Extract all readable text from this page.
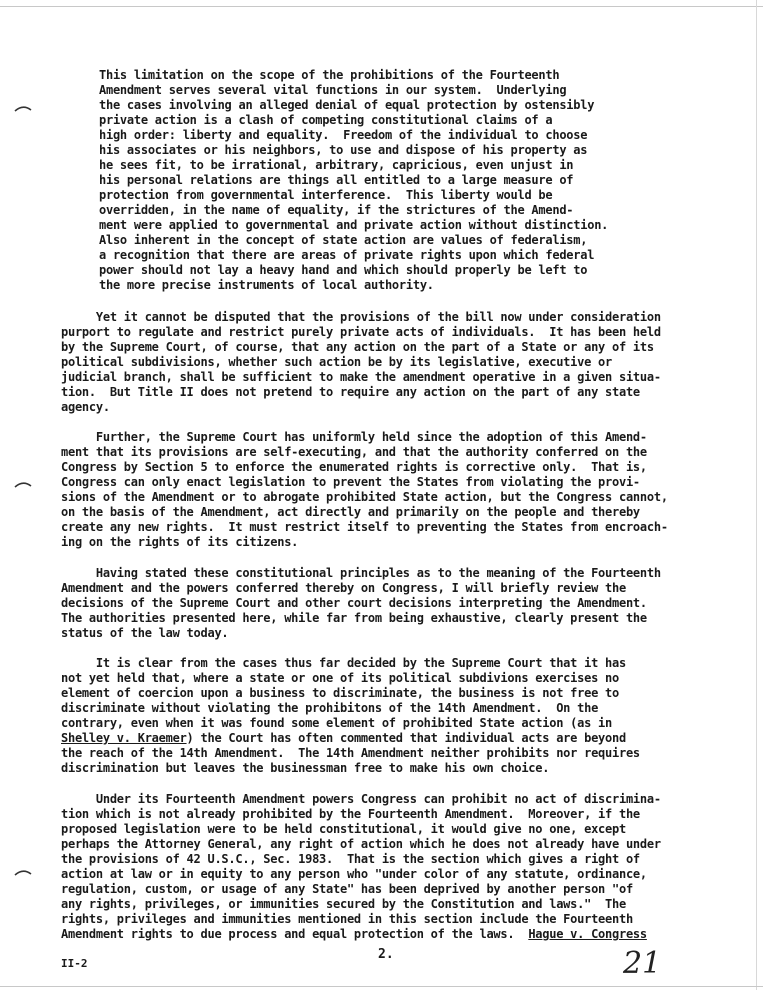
This limitation on the scope of the prohibitions of the Fourteenth
Amendment serves several vital functions in our system.  Underlying
the cases involving an alleged denial of equal protection by ostensibly
private action is a clash of competing constitutional claims of a
high order: liberty and equality.  Freedom of the individual to choose
his associates or his neighbors, to use and dispose of his property as
he sees fit, to be irrational, arbitrary, capricious, even unjust in
his personal relations are things all entitled to a large measure of
protection from governmental interference.  This liberty would be
overridden, in the name of equality, if the strictures of the Amend-
ment were applied to governmental and private action without distinction.
Also inherent in the concept of state action are values of federalism,
a recognition that there are areas of private rights upon which federal
power should not lay a heavy hand and which should properly be left to
the more precise instruments of local authority.
Yet it cannot be disputed that the provisions of the bill now under consideration
purport to regulate and restrict purely private acts of individuals.  It has been held
by the Supreme Court, of course, that any action on the part of a State or any of its
political subdivisions, whether such action be by its legislative, executive or
judicial branch, shall be sufficient to make the amendment operative in a given situa-
tion.  But Title II does not pretend to require any action on the part of any state
agency.
Further, the Supreme Court has uniformly held since the adoption of this Amend-
ment that its provisions are self-executing, and that the authority conferred on the
Congress by Section 5 to enforce the enumerated rights is corrective only.  That is,
Congress can only enact legislation to prevent the States from violating the provi-
sions of the Amendment or to abrogate prohibited State action, but the Congress cannot,
on the basis of the Amendment, act directly and primarily on the people and thereby
create any new rights.  It must restrict itself to preventing the States from encroach-
ing on the rights of its citizens.
Having stated these constitutional principles as to the meaning of the Fourteenth
Amendment and the powers conferred thereby on Congress, I will briefly review the
decisions of the Supreme Court and other court decisions interpreting the Amendment.
The authorities presented here, while far from being exhaustive, clearly present the
status of the law today.
It is clear from the cases thus far decided by the Supreme Court that it has
not yet held that, where a state or one of its political subdivions exercises no
element of coercion upon a business to discriminate, the business is not free to
discriminate without violating the prohibitons of the 14th Amendment.  On the
contrary, even when it was found some element of prohibited State action (as in
Shelley v. Kraemer) the Court has often commented that individual acts are beyond
the reach of the 14th Amendment.  The 14th Amendment neither prohibits nor requires
discrimination but leaves the businessman free to make his own choice.
Under its Fourteenth Amendment powers Congress can prohibit no act of discrimina-
tion which is not already prohibited by the Fourteenth Amendment.  Moreover, if the
proposed legislation were to be held constitutional, it would give no one, except
perhaps the Attorney General, any right of action which he does not already have under
the provisions of 42 U.S.C., Sec. 1983.  That is the section which gives a right of
action at law or in equity to any person who "under color of any statute, ordinance,
regulation, custom, or usage of any State" has been deprived by another person "of
any rights, privileges, or immunities secured by the Constitution and laws."  The
rights, privileges and immunities mentioned in this section include the Fourteenth
Amendment rights to due process and equal protection of the laws.  Hague v. Congress
II-2
2.	21
